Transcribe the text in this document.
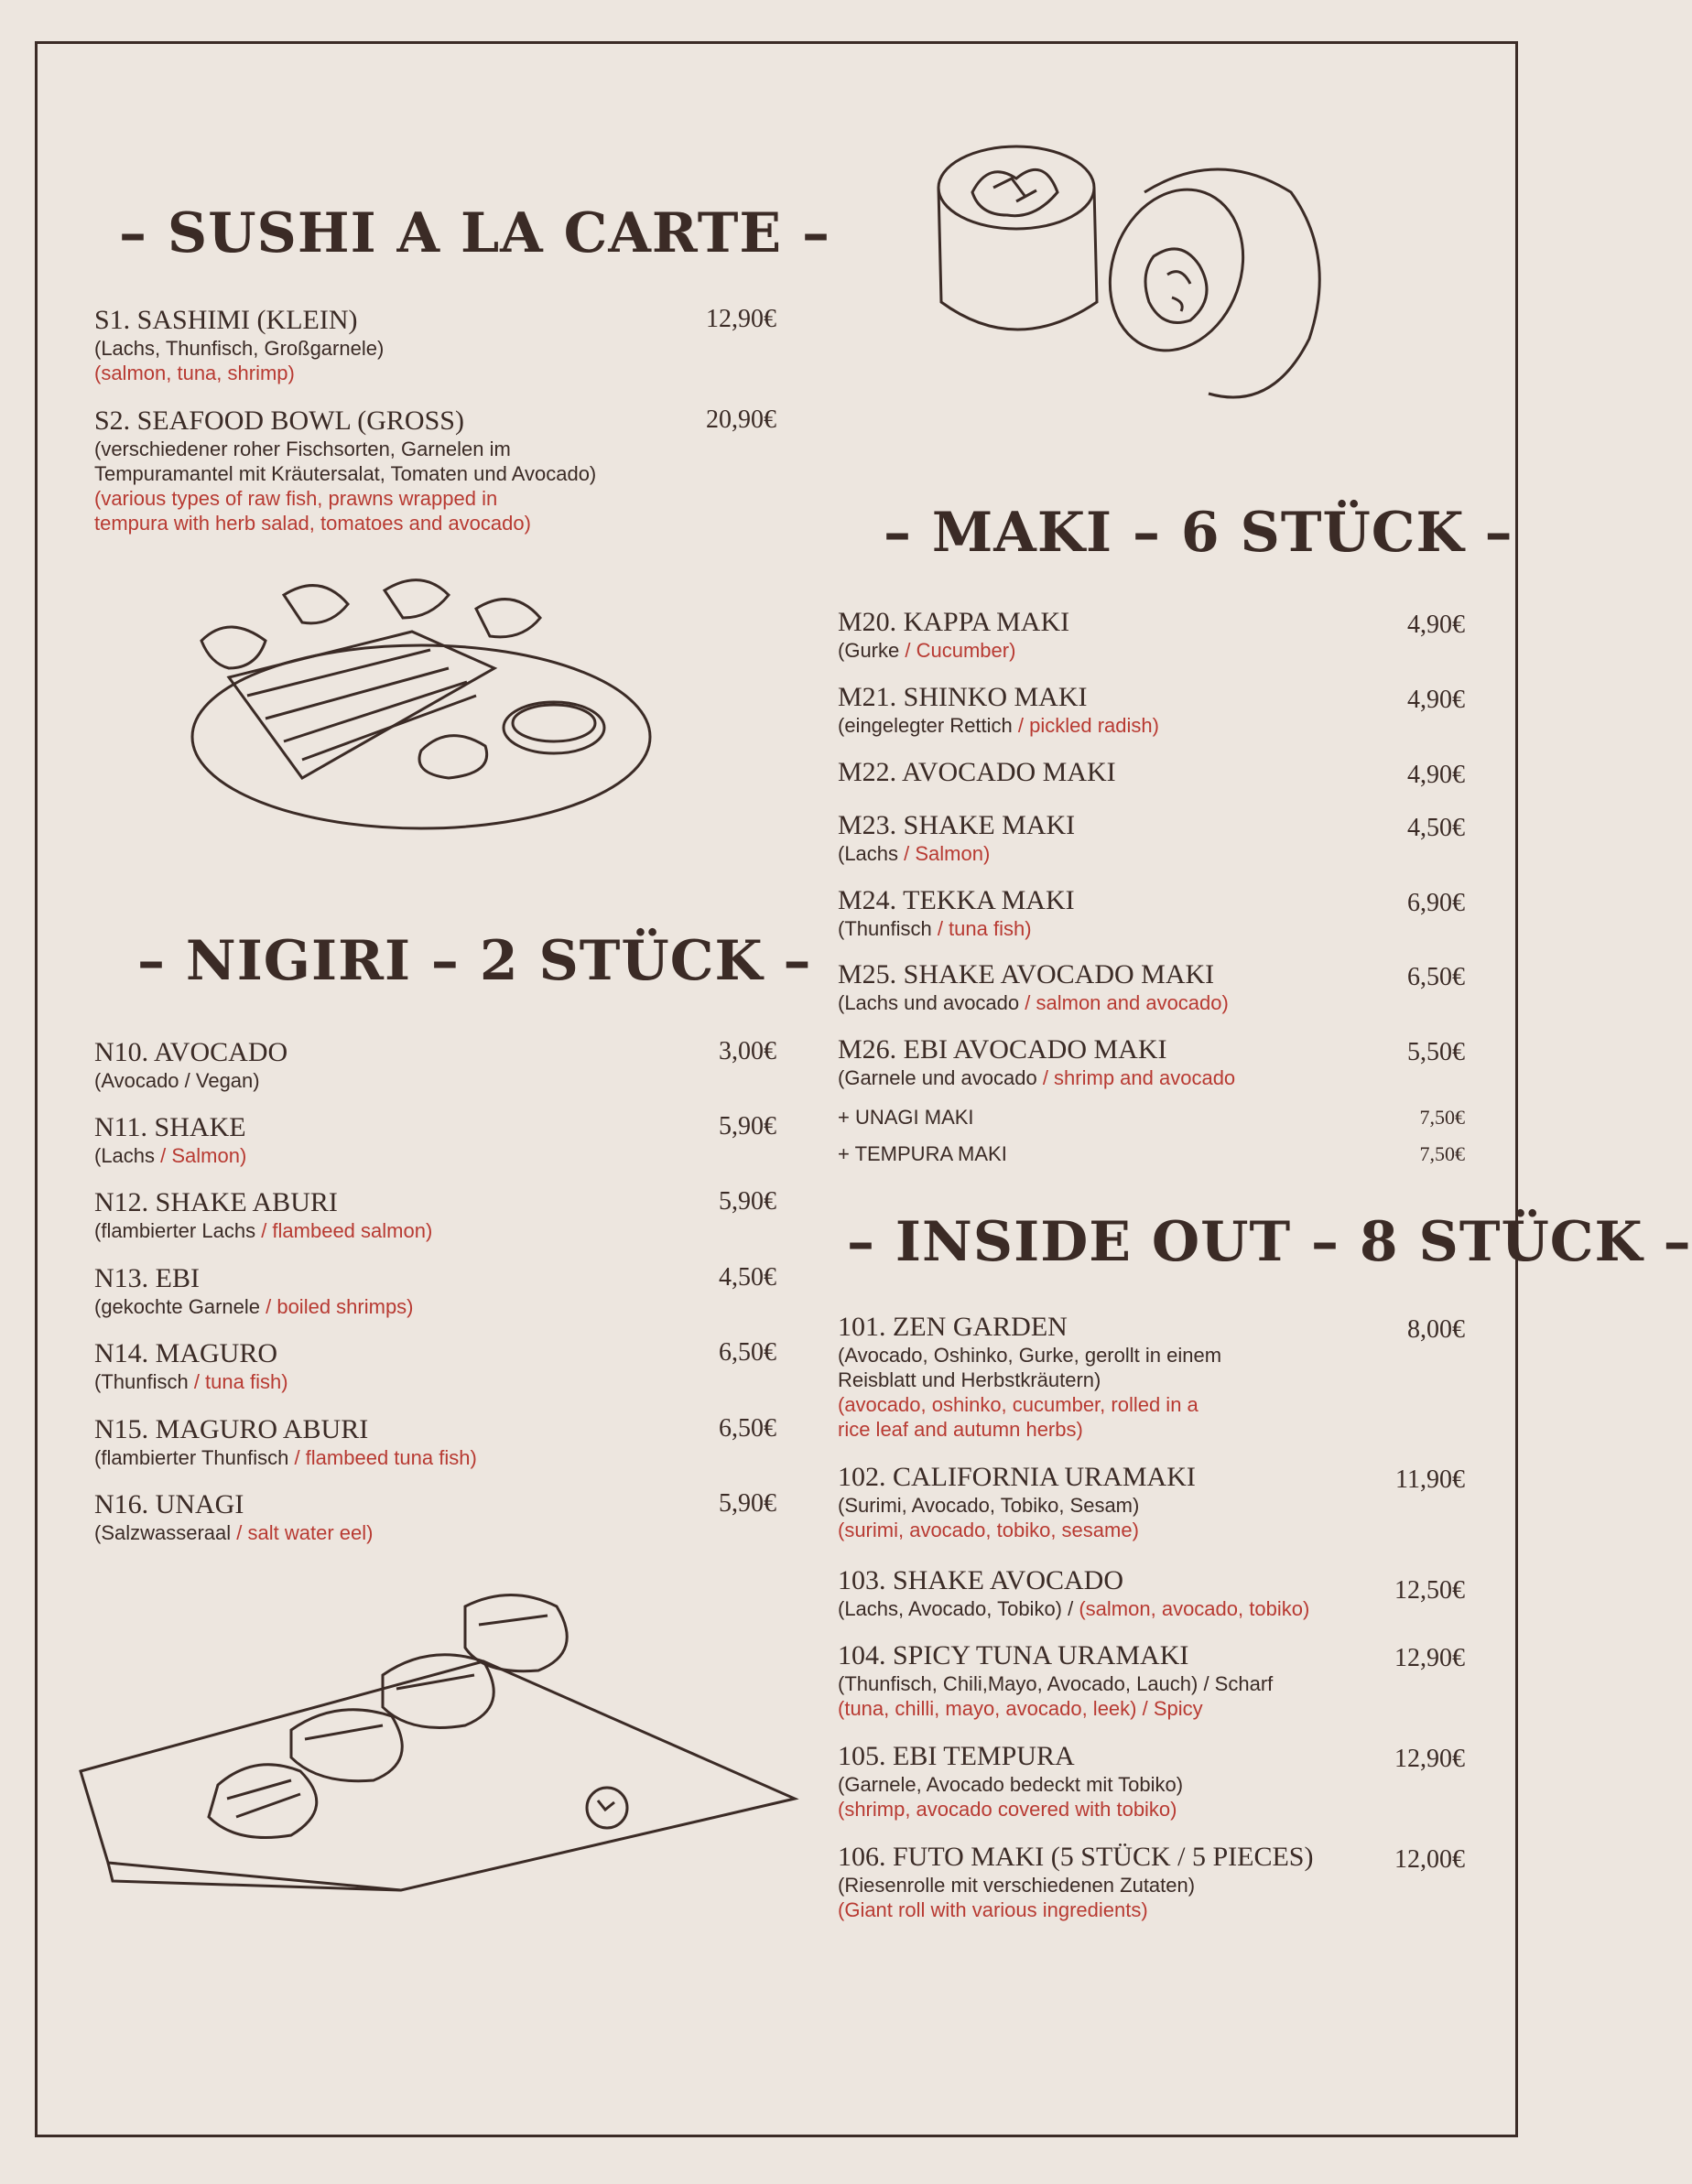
– SUSHI A LA CARTE –
S1. SASHIMI (KLEIN)	12,90€
(Lachs, Thunfisch, Großgarnele)
(salmon, tuna, shrimp)
S2. SEAFOOD BOWL (GROSS)	20,90€
(verschiedener roher Fischsorten, Garnelen im
Tempuramantel mit Kräutersalat, Tomaten und Avocado)
(various types of raw fish, prawns wrapped in
tempura with herb salad, tomatoes and avocado)
– NIGIRI – 2 STÜCK –
N10. AVOCADO	3,00€
(Avocado / Vegan)
N11. SHAKE	5,90€
(Lachs / Salmon)
N12. SHAKE ABURI	5,90€
(flambierter Lachs / flambeed salmon)
N13. EBI	4,50€
(gekochte Garnele / boiled shrimps)
N14. MAGURO	6,50€
(Thunfisch / tuna fish)
N15. MAGURO ABURI	6,50€
(flambierter Thunfisch / flambeed tuna fish)
N16. UNAGI	5,90€
(Salzwasseraal / salt water eel)
– MAKI – 6 STÜCK –
M20. KAPPA MAKI	4,90€
(Gurke / Cucumber)
M21. SHINKO MAKI	4,90€
(eingelegter Rettich / pickled radish)
M22. AVOCADO MAKI	4,90€
M23. SHAKE MAKI	4,50€
(Lachs / Salmon)
M24. TEKKA MAKI	6,90€
(Thunfisch / tuna fish)
M25. SHAKE AVOCADO MAKI	6,50€
(Lachs und avocado / salmon and avocado)
M26. EBI AVOCADO MAKI	5,50€
(Garnele und avocado / shrimp and avocado
+ UNAGI MAKI	7,50€
+ TEMPURA MAKI	7,50€
– INSIDE OUT – 8 STÜCK –
101. ZEN GARDEN	8,00€
(Avocado, Oshinko, Gurke, gerollt in einem
Reisblatt und Herbstkräutern)
(avocado, oshinko, cucumber, rolled in a
rice leaf and autumn herbs)
102. CALIFORNIA URAMAKI	11,90€
(Surimi, Avocado, Tobiko, Sesam)
(surimi, avocado, tobiko, sesame)
103. SHAKE AVOCADO	12,50€
(Lachs, Avocado, Tobiko) / (salmon, avocado, tobiko)
104. SPICY TUNA URAMAKI	12,90€
(Thunfisch, Chili,Mayo, Avocado, Lauch) / Scharf
(tuna, chilli, mayo, avocado, leek) / Spicy
105. EBI TEMPURA	12,90€
(Garnele, Avocado bedeckt mit Tobiko)
(shrimp, avocado covered with tobiko)
106. FUTO MAKI (5 STÜCK / 5 PIECES)	12,00€
(Riesenrolle mit verschiedenen Zutaten)
(Giant roll with various ingredients)
